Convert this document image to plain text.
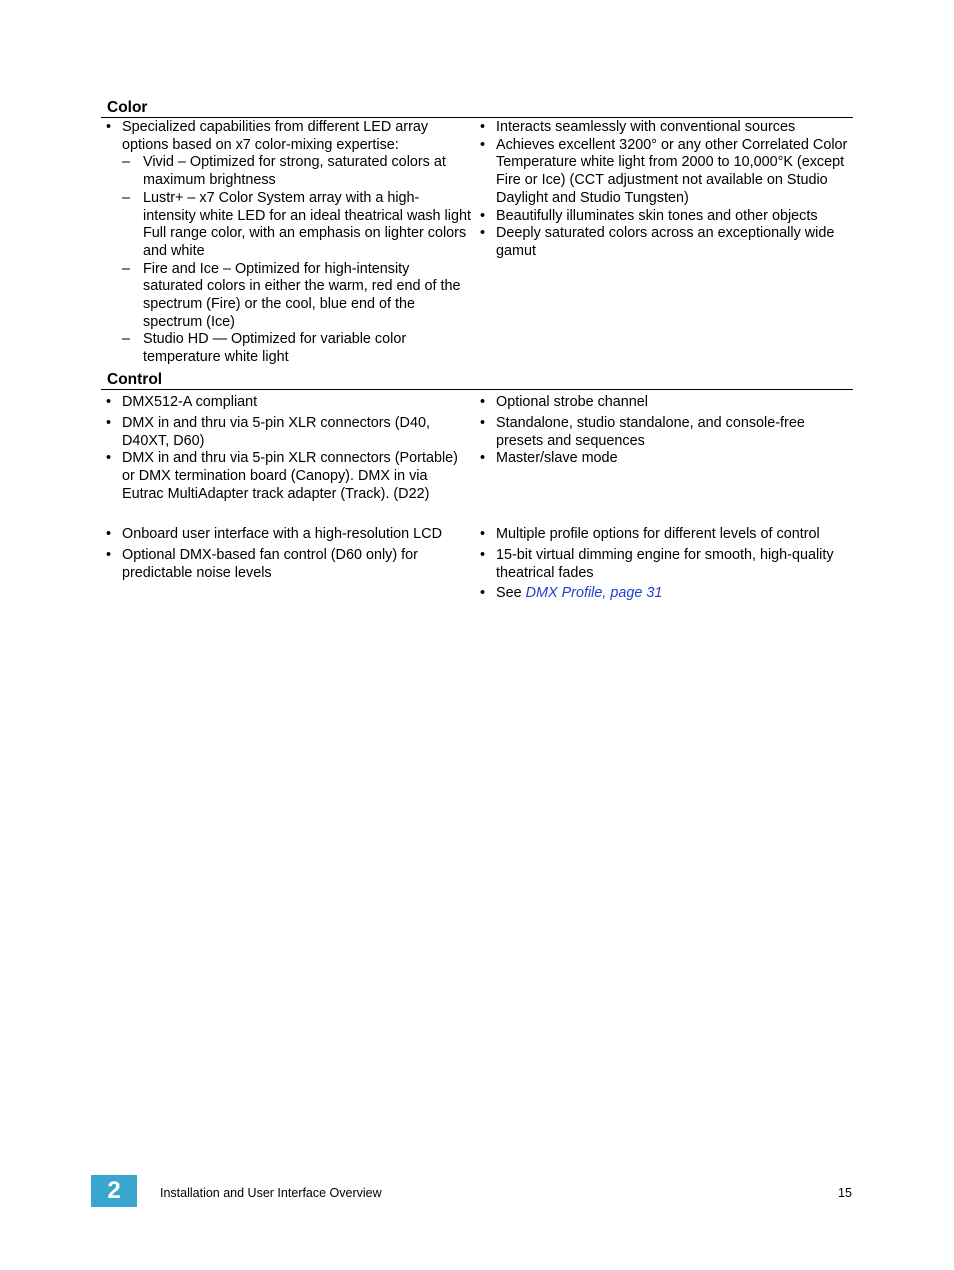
Color
• Specialized capabilities from different LED array options based on x7 color-mixing expertise:
– Vivid – Optimized for strong, saturated colors at maximum brightness
– Lustr+ – x7 Color System array with a high-intensity white LED for an ideal theatrical wash light
Full range color, with an emphasis on lighter colors and white
– Fire and Ice – Optimized for high-intensity saturated colors in either the warm, red end of the spectrum (Fire) or the cool, blue end of the spectrum (Ice)
– Studio HD — Optimized for variable color temperature white light
• Interacts seamlessly with conventional sources
• Achieves excellent 3200° or any other Correlated Color Temperature white light from 2000 to 10,000°K (except Fire or Ice) (CCT adjustment not available on Studio Daylight and Studio Tungsten)
• Beautifully illuminates skin tones and other objects
• Deeply saturated colors across an exceptionally wide gamut
Control
• DMX512-A compliant	• Optional strobe channel
• DMX in and thru via 5-pin XLR connectors (D40, D40XT, D60)
• DMX in and thru via 5-pin XLR connectors (Portable) or DMX termination board (Canopy). DMX in via Eutrac MultiAdapter track adapter (Track). (D22)
• Standalone, studio standalone, and console-free presets and sequences
• Master/slave mode
• Onboard user interface with a high-resolution LCD	• Multiple profile options for different levels of control
• Optional DMX-based fan control (D60 only) for predictable noise levels
• 15-bit virtual dimming engine for smooth, high-quality theatrical fades
• See DMX Profile, page 31
2	Installation and User Interface Overview	15
